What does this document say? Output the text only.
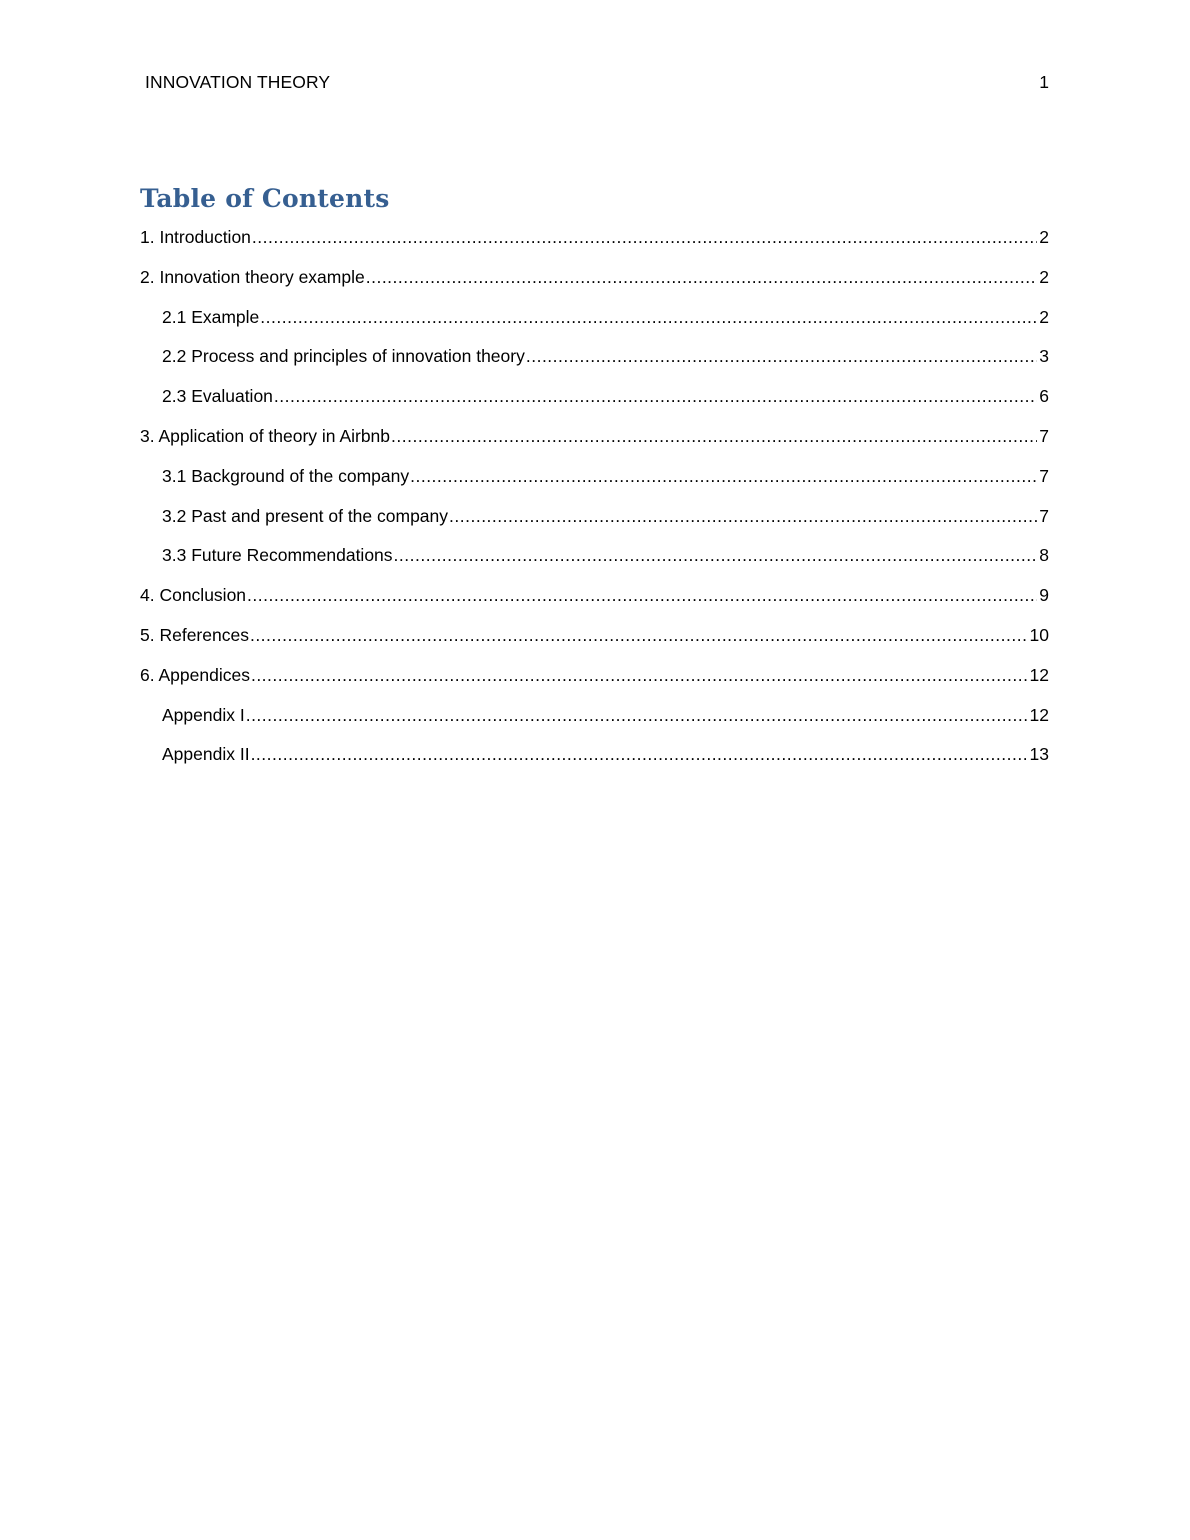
INNOVATION THEORY	1
Table of Contents
1. Introduction .....	2
2. Innovation theory example .....	2
2.1 Example .....	2
2.2 Process and principles of innovation theory .....	3
2.3 Evaluation .....	6
3. Application of theory in Airbnb .....	7
3.1 Background of the company .....	7
3.2 Past and present of the company .....	7
3.3 Future Recommendations .....	8
4. Conclusion .....	9
5. References .....	10
6. Appendices .....	12
Appendix I .....	12
Appendix II .....	13
